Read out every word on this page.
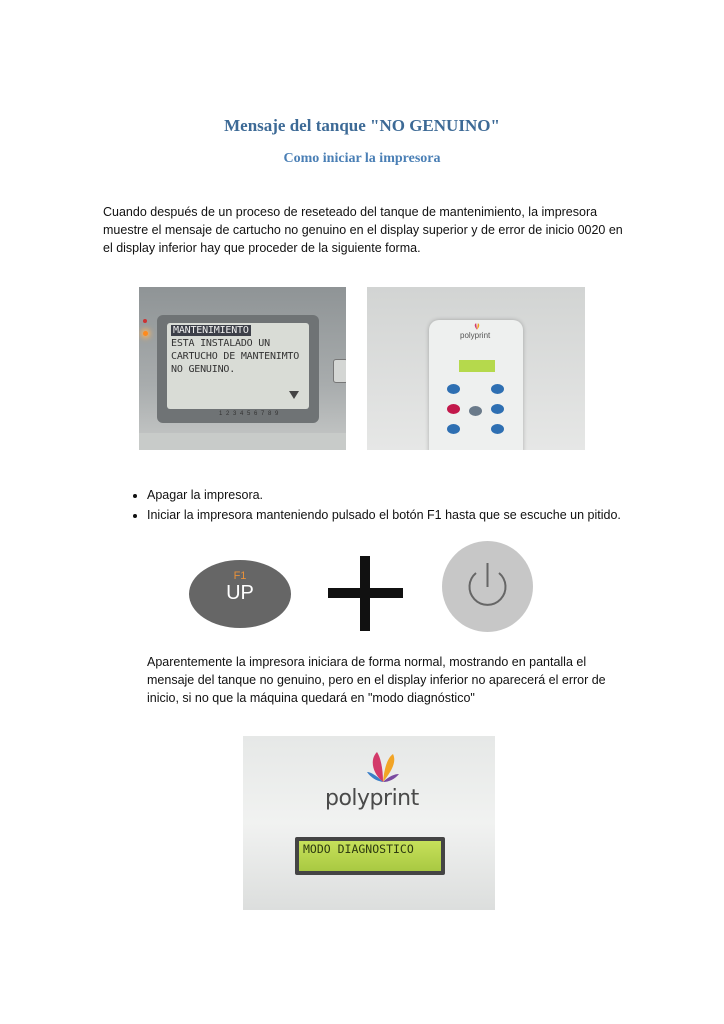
Mensaje del tanque "NO GENUINO"
Como iniciar la impresora
Cuando después de un proceso de reseteado del tanque de mantenimiento, la impresora muestre el mensaje de cartucho no genuino en el display superior y de error de inicio 0020 en el display inferior hay que proceder de la siguiente forma.
MANTENIMIENTO
ESTA INSTALADO UN
CARTUCHO DE MANTENIMTO
NO GENUINO.
1 2 3 4 5 6 7 8 9
polyprint
• Apagar la impresora.
• Iniciar la impresora manteniendo pulsado el botón F1 hasta que se escuche un pitido.
F1
UP
Aparentemente la impresora iniciara de forma normal, mostrando en pantalla el mensaje del tanque no genuino, pero en el display inferior no aparecerá el error de inicio, si no que la máquina quedará en "modo diagnóstico"
polyprint
MODO DIAGNOSTICO
